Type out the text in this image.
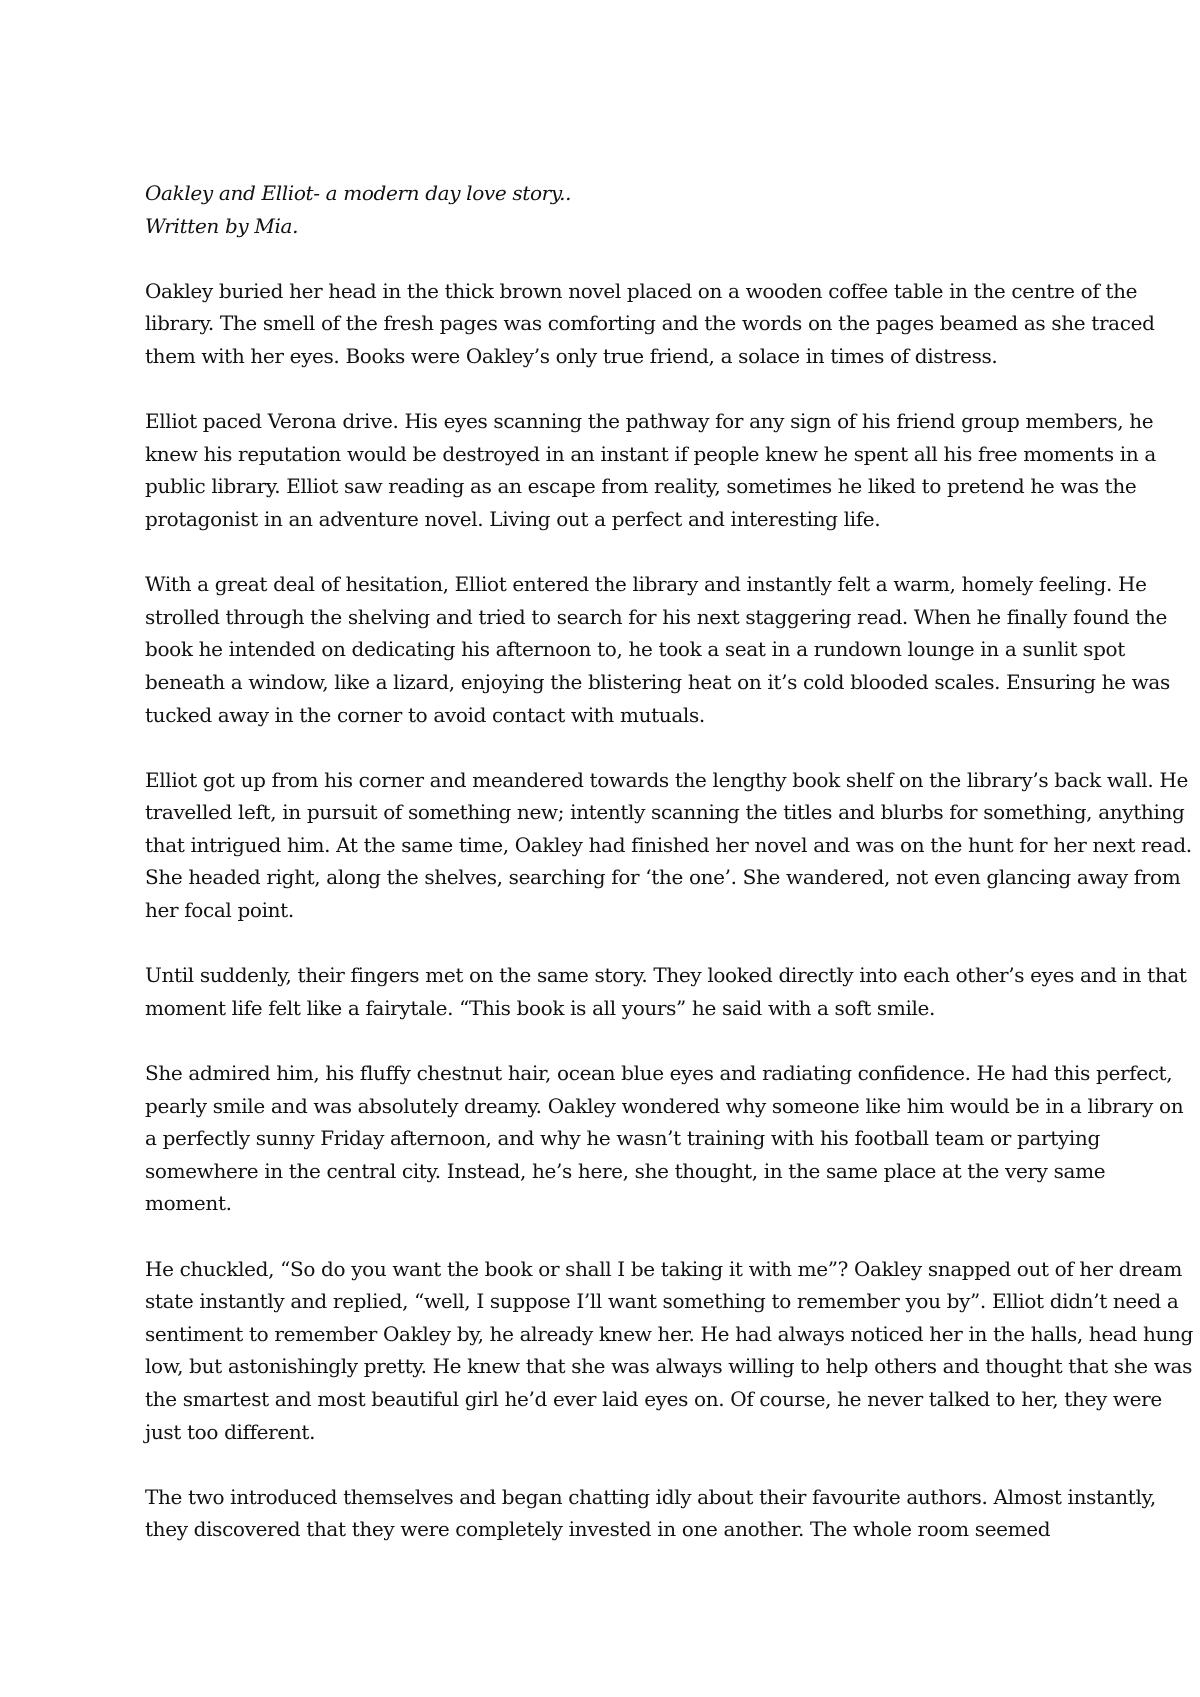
Oakley and Elliot- a modern day love story..

Written by Mia.

Oakley buried her head in the thick brown novel placed on a wooden coffee table in the centre of the library. The smell of the fresh pages was comforting and the words on the pages beamed as she traced them with her eyes. Books were Oakley’s only true friend, a solace in times of distress.

Elliot paced Verona drive. His eyes scanning the pathway for any sign of his friend group members, he knew his reputation would be destroyed in an instant if people knew he spent all his free moments in a public library. Elliot saw reading as an escape from reality, sometimes he liked to pretend he was the protagonist in an adventure novel. Living out a perfect and interesting life.

With a great deal of hesitation, Elliot entered the library and instantly felt a warm, homely feeling. He strolled through the shelving and tried to search for his next staggering read. When he finally found the book he intended on dedicating his afternoon to, he took a seat in a rundown lounge in a sunlit spot beneath a window, like a lizard, enjoying the blistering heat on it’s cold blooded scales. Ensuring he was tucked away in the corner to avoid contact with mutuals.

Elliot got up from his corner and meandered towards the lengthy book shelf on the library’s back wall. He travelled left, in pursuit of something new; intently scanning the titles and blurbs for something, anything that intrigued him. At the same time, Oakley had finished her novel and was on the hunt for her next read. She headed right, along the shelves, searching for ‘the one’. She wandered, not even glancing away from her focal point.

Until suddenly, their fingers met on the same story. They looked directly into each other’s eyes and in that moment life felt like a fairytale. “This book is all yours” he said with a soft smile.

She admired him, his fluffy chestnut hair, ocean blue eyes and radiating confidence. He had this perfect, pearly smile and was absolutely dreamy. Oakley wondered why someone like him would be in a library on a perfectly sunny Friday afternoon, and why he wasn’t training with his football team or partying somewhere in the central city. Instead, he’s here, she thought, in the same place at the very same moment.

He chuckled, “So do you want the book or shall I be taking it with me”? Oakley snapped out of her dream state instantly and replied, “well, I suppose I’ll want something to remember you by”. Elliot didn’t need a sentiment to remember Oakley by, he already knew her. He had always noticed her in the halls, head hung low, but astonishingly pretty. He knew that she was always willing to help others and thought that she was the smartest and most beautiful girl he’d ever laid eyes on. Of course, he never talked to her, they were just too different.

The two introduced themselves and began chatting idly about their favourite authors. Almost instantly, they discovered that they were completely invested in one another. The whole room seemed
